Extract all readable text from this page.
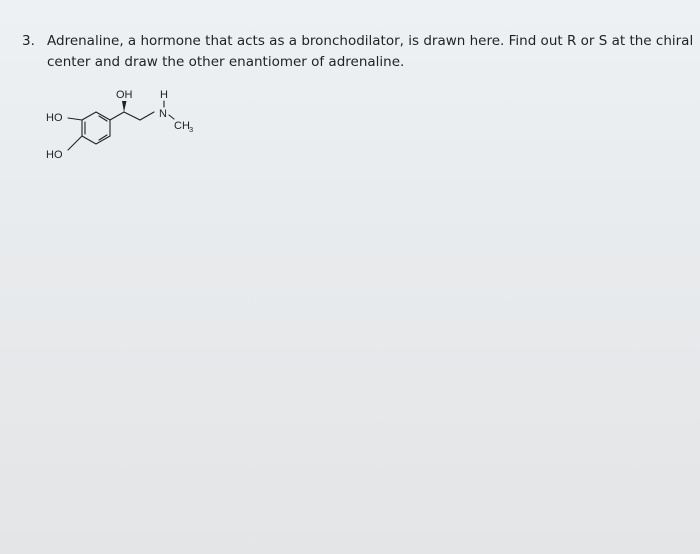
3. Adrenaline, a hormone that acts as a bronchodilator, is drawn here. Find out R or S at the chiral
center and draw the other enantiomer of adrenaline.
HO
HO
OH	H
N
CH 3
